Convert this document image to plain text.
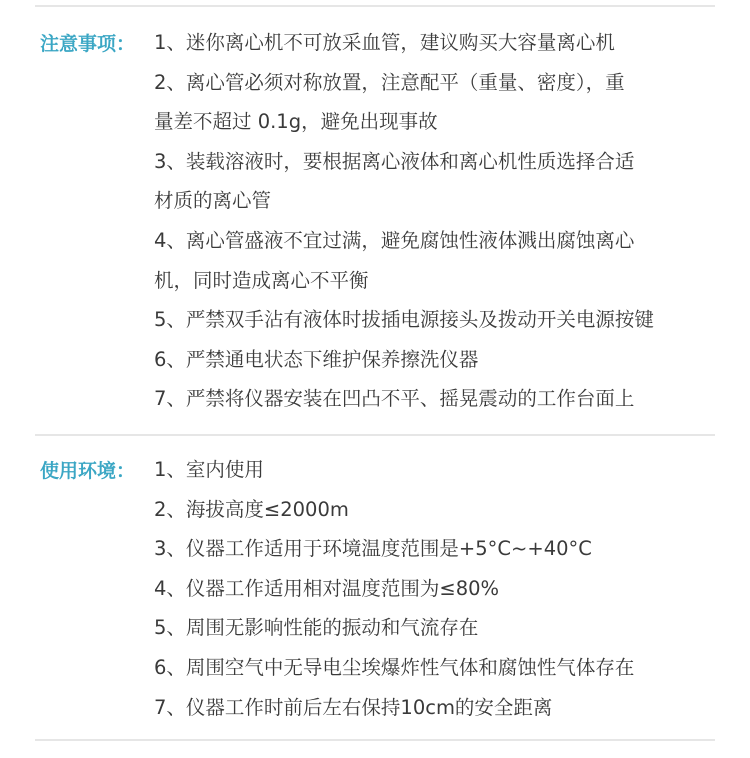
注意事项： 1、迷你离心机不可放采血管，建议购买大容量离心机
2、离心管必须对称放置，注意配平（重量、密度），重
量差不超过 0.1g，避免出现事故
3、装载溶液时，要根据离心液体和离心机性质选择合适
材质的离心管
4、离心管盛液不宜过满，避免腐蚀性液体溅出腐蚀离心
机，同时造成离心不平衡
5、严禁双手沾有液体时拔插电源接头及拨动开关电源按键
6、严禁通电状态下维护保养擦洗仪器
7、严禁将仪器安装在凹凸不平、摇晃震动的工作台面上
使用环境： 1、室内使用
2、海拔高度≤2000m
3、仪器工作适用于环境温度范围是+5°C~+40°C
4、仪器工作适用相对温度范围为≤80%
5、周围无影响性能的振动和气流存在
6、周围空气中无导电尘埃爆炸性气体和腐蚀性气体存在
7、仪器工作时前后左右保持10cm的安全距离
